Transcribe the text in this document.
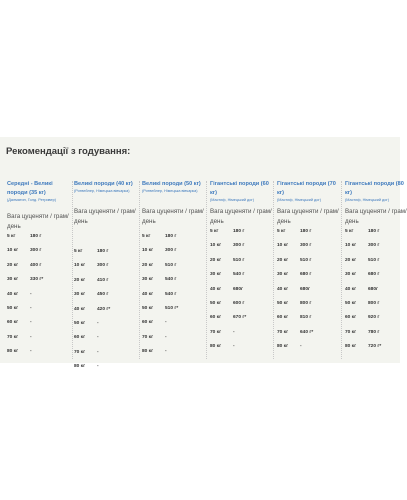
Рекомендації з годування:
Середні - Великі породи (35 кг)
(Далматин, Голд. Ретривер)
Великі породи (40 кг)
(Ротвейлер, Німецька вівчарка)
Великі породи (50 кг)
(Ротвейлер, Німецька вівчарка)
Гігантські породи (60 кг)
(Мастиф, Німецький дог)
Гігантські породи (70 кг)
(Мастиф, Німецький дог)
Гігантські породи (80 кг)
(Мастиф, Німецький дог)
Вага цуценяти / грам/день
5 кг	180 г
10 кг 300 г
20 кг 400 г
30 кг 330 г*
40 кг -
50 кг -
60 кг -
70 кг -
80 кг -
Вага цуценяти / грам/день
5 кг	180 г
10 кг 300 г
20 кг 410 г
30 кг 450 г
40 кг 420 г*
50 кг -
60 кг -
70 кг -
80 кг -
Вага цуценяти / грам/день
5 кг	180 г
10 кг 300 г
20 кг 510 г
30 кг 540 г
40 кг 540 г
50 кг 510 г*
60 кг -
70 кг -
80 кг -
Вага цуценяти / грам/день
5 кг	180 г
10 кг 300 г
20 кг 510 г
30 кг 540 г
40 кг 680г
50 кг 600 г
60 кг 670 г*
70 кг -
80 кг -
Вага цуценяти / грам/день
5 кг	180 г
10 кг 300 г
20 кг 510 г
30 кг 680 г
40 кг 680г
50 кг 800 г
60 кг 810 г
70 кг 640 г*
80 кг -
Вага цуценяти / грам/день
5 кг	180 г
10 кг 300 г
20 кг 510 г
30 кг 680 г
40 кг 680г
50 кг 800 г
60 кг 920 г
70 кг 780 г
80 кг 720 г*
